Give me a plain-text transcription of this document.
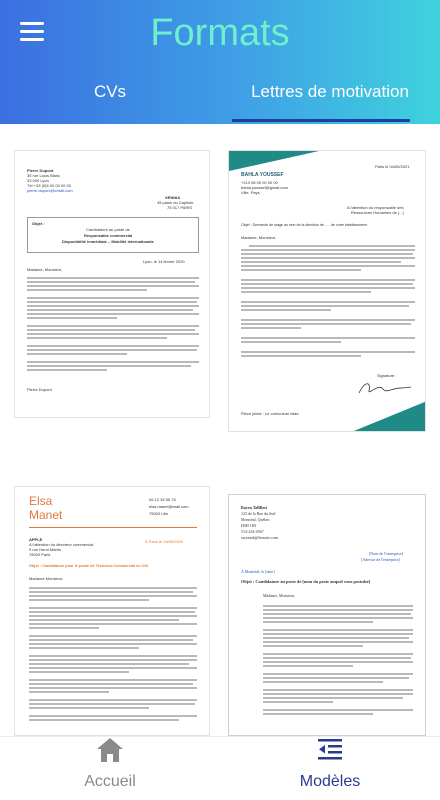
Formats
CVs	Lettres de motivation
Pierre Dupont
35 rue Louis Blanc
33 000 Lyon
Tél +33 (0)6 00 00 00 00
pierre.dupont@xmail.com
XENNIA
45 place du Capitole
75 017 PARIS
Objet :
Candidature au poste de
Responsable commercial
Disponibilité immédiate – Mobilité internationale
Lyon, le 14 février 2020
Madame, Monsieur,
Pierre Dupont
Paris le 04/05/2021
BAHLA YOUSSEF
+213 06 00 00 00 00
bahla.youssef@gmail.com
Ville, Pays
A l'attention du responsable des
Ressources Humaines de (...)
Objet : Demande de stage au sein de la direction de ..... de votre établissement
Madame, Monsieur,
Signature :
Pièce jointe : Le curriculum vitae
Elsa
Manet
06 12 34 56 78
elsa.manet@mail.com
75000 Lille
APPLE
A l'attention du directeur commercial
9 rue Henri Martin
78000 Paris
À Paris le 18/05/2020
Objet : Candidature pour le poste de Technico-Commercial en CDI
Madame Monsieur,
Rayen TaBBeri
123 de la Rue du Sud
Montréal, Québec
H3H 1H1
514-234-4567
rayentab@lestaire.com
[Nom de l'entreprise]
[Adresse de l'entreprise]
A Montréal, le [date]
Objet : Candidature au poste de [nom du poste auquel vous postulez]
Madame, Monsieur,
Accueil	Modèles
